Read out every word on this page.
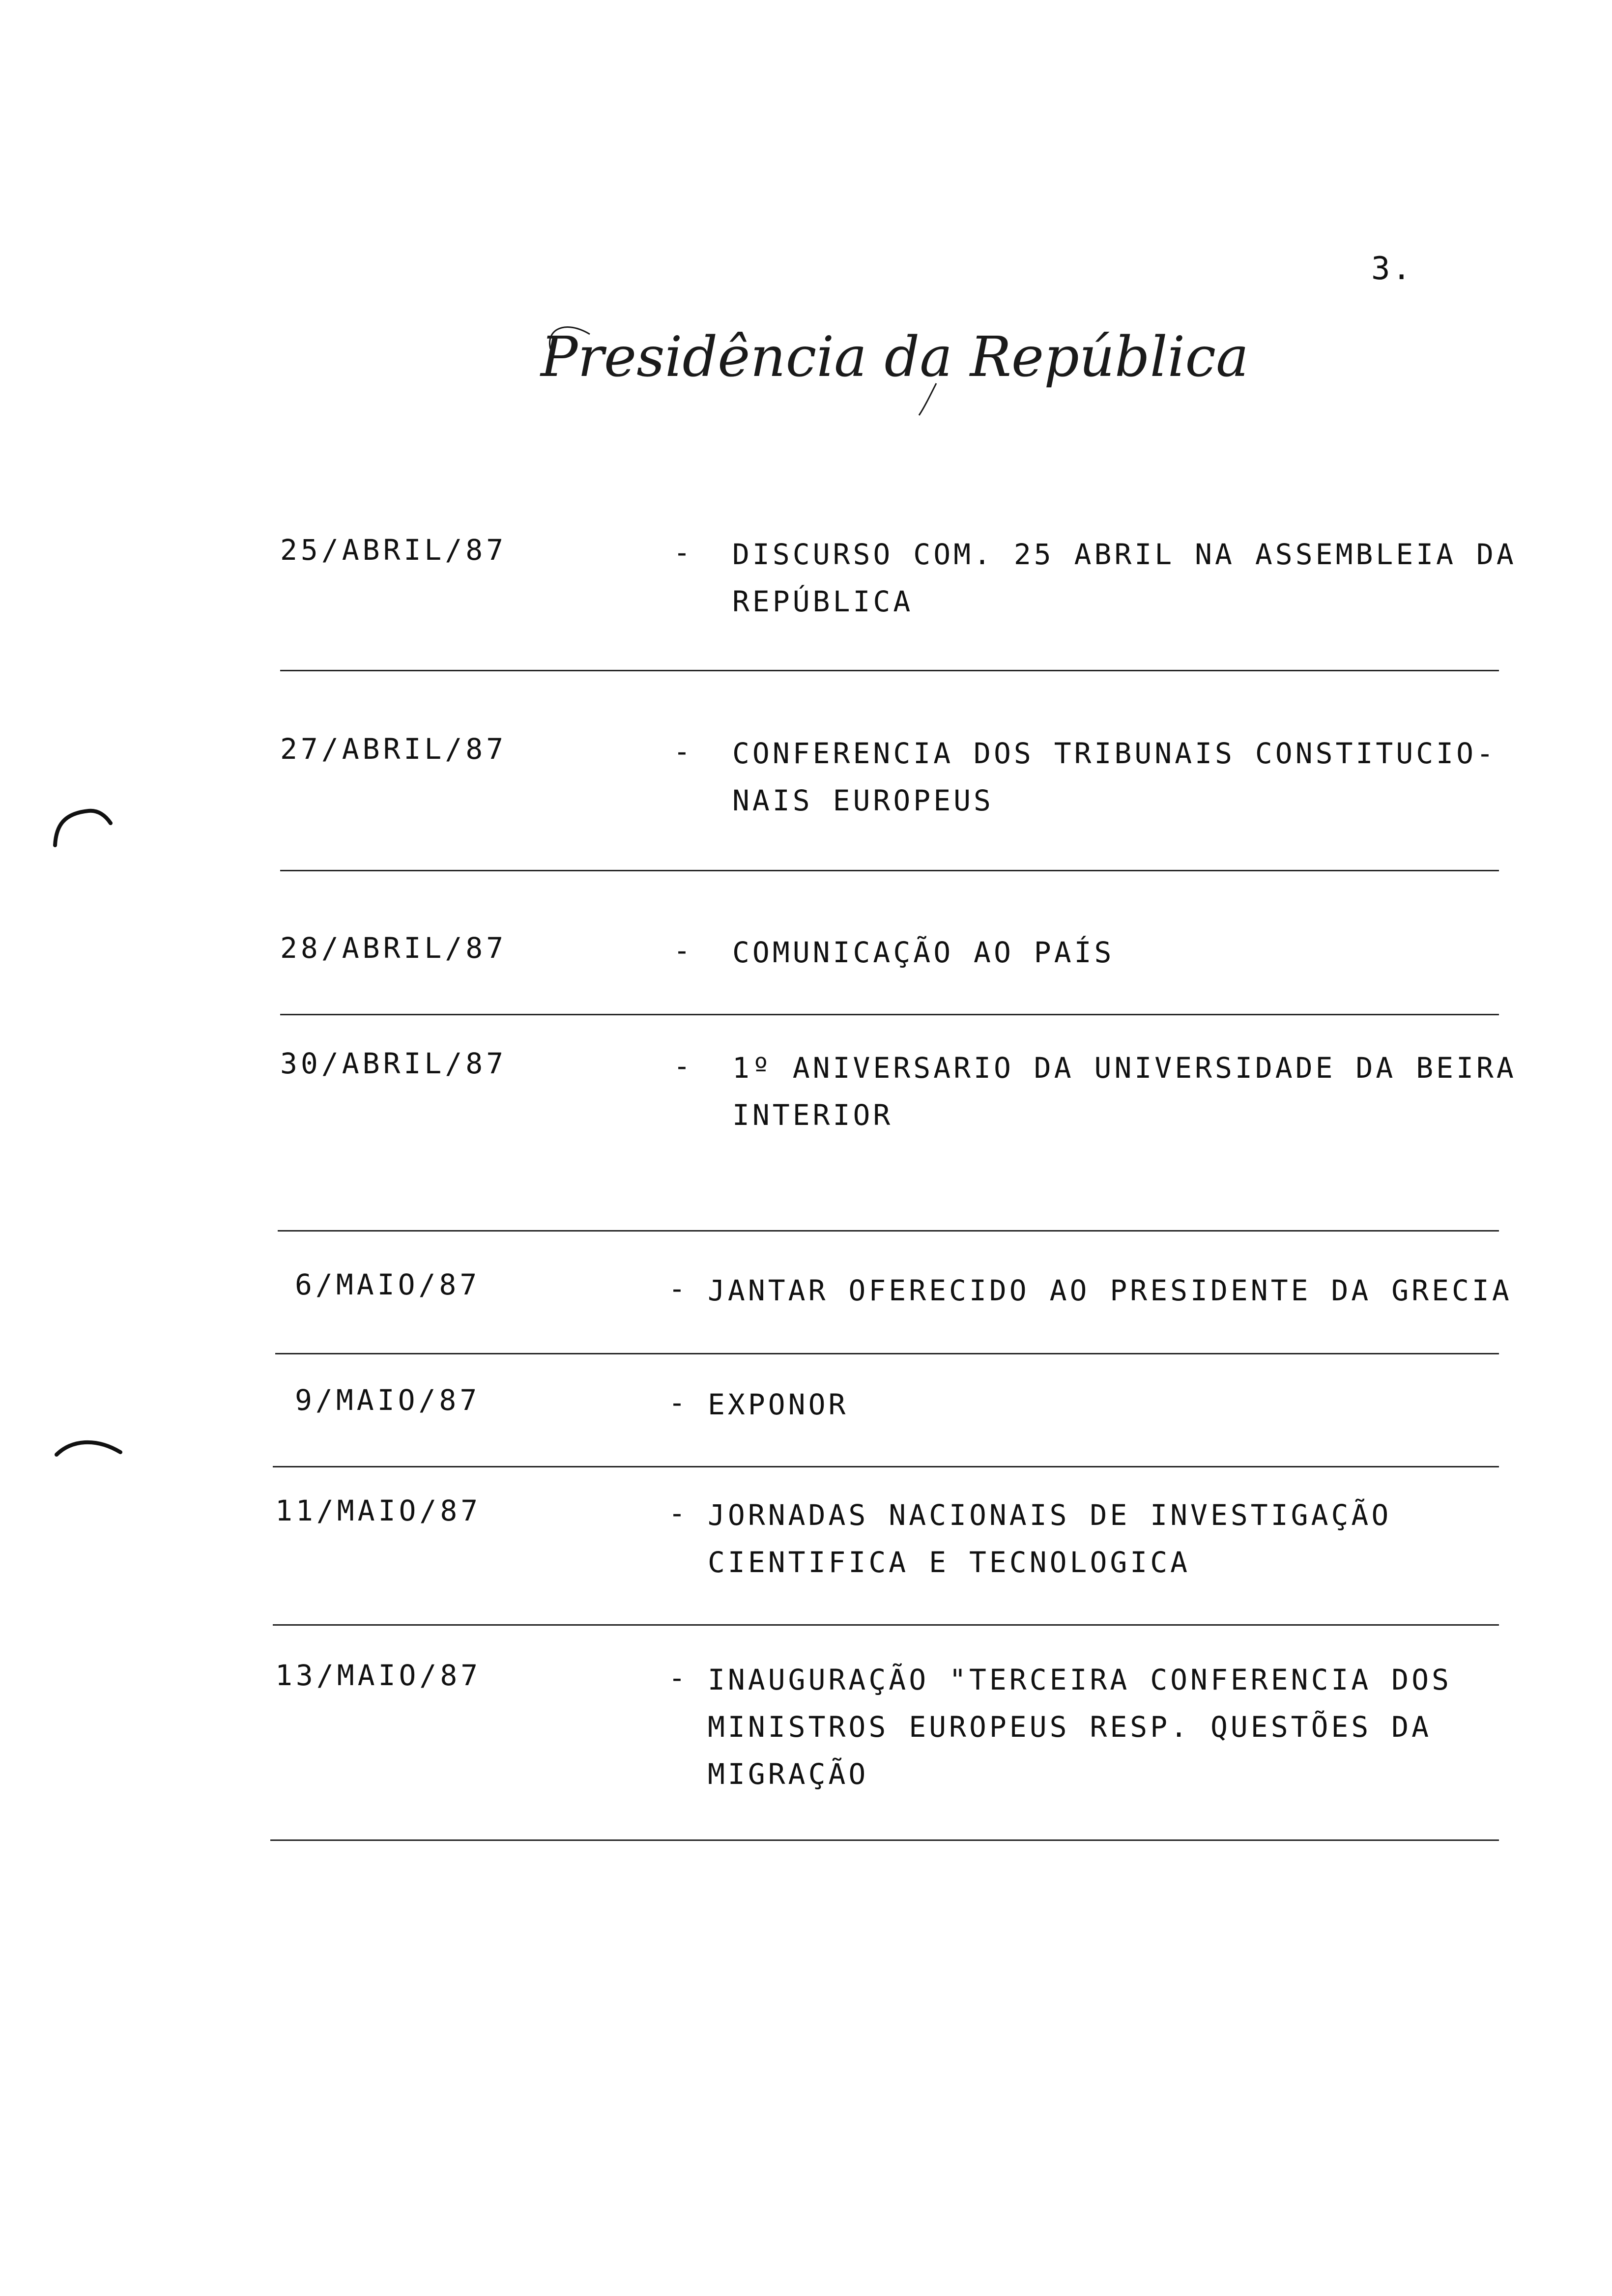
3.
Presidência da República
25/ABRIL/87	- DISCURSO COM. 25 ABRIL NA ASSEMBLEIA DA
REPÚBLICA
27/ABRIL/87	- CONFERENCIA DOS TRIBUNAIS CONSTITUCIO-
NAIS EUROPEUS
28/ABRIL/87	- COMUNICAÇÃO AO PAÍS
30/ABRIL/87	- 1º ANIVERSARIO DA UNIVERSIDADE DA BEIRA
INTERIOR
6/MAIO/87	- JANTAR OFERECIDO AO PRESIDENTE DA GRECIA
9/MAIO/87	- EXPONOR
11/MAIO/87	- JORNADAS NACIONAIS DE INVESTIGAÇÃO
CIENTIFICA E TECNOLOGICA
13/MAIO/87	- INAUGURAÇÃO "TERCEIRA CONFERENCIA DOS
MINISTROS EUROPEUS RESP. QUESTÕES DA
MIGRAÇÃO
